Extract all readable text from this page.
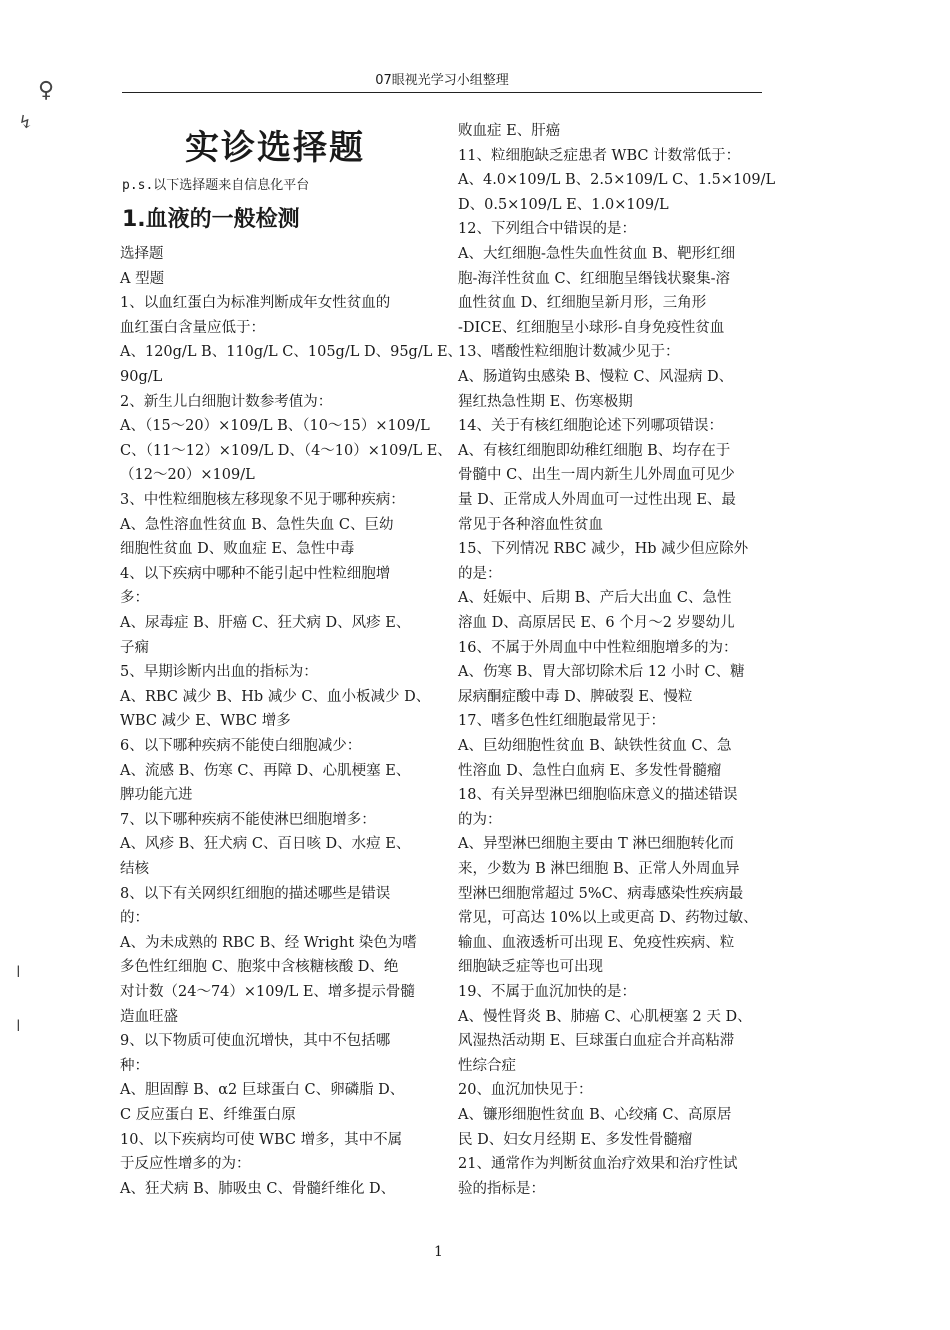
07眼视光学习小组整理
♀
↯
ǀ
ǀ
实诊选择题
p.s.以下选择题来自信息化平台
1.血液的一般检测
选择题
A 型题
1、以血红蛋白为标准判断成年女性贫血的
血红蛋白含量应低于：
A、120g/L B、110g/L C、105g/L D、95g/L E、
90g/L
2、新生儿白细胞计数参考值为：
A、（15～20）×109/L B、（10～15）×109/L
C、（11～12）×109/L D、（4～10）×109/L E、
（12～20）×109/L
3、中性粒细胞核左移现象不见于哪种疾病：
A、急性溶血性贫血 B、急性失血 C、巨幼
细胞性贫血 D、败血症 E、急性中毒
4、以下疾病中哪种不能引起中性粒细胞增
多：
A、尿毒症 B、肝癌 C、狂犬病 D、风疹 E、
子痫
5、早期诊断内出血的指标为：
A、RBC 减少 B、Hb 减少 C、血小板减少 D、
WBC 减少 E、WBC 增多
6、以下哪种疾病不能使白细胞减少：
A、流感 B、伤寒 C、再障 D、心肌梗塞 E、
脾功能亢进
7、以下哪种疾病不能使淋巴细胞增多：
A、风疹 B、狂犬病 C、百日咳 D、水痘 E、
结核
8、以下有关网织红细胞的描述哪些是错误
的：
A、为未成熟的 RBC B、经 Wright 染色为嗜
多色性红细胞 C、胞浆中含核糖核酸 D、绝
对计数（24～74）×109/L E、增多提示骨髓
造血旺盛
9、以下物质可使血沉增快，其中不包括哪
种：
A、胆固醇 B、α2 巨球蛋白 C、卵磷脂 D、
C 反应蛋白 E、纤维蛋白原
10、以下疾病均可使 WBC 增多，其中不属
于反应性增多的为：
A、狂犬病 B、肺吸虫 C、骨髓纤维化 D、
败血症 E、肝癌
11、粒细胞缺乏症患者 WBC 计数常低于：
A、4.0×109/L B、2.5×109/L C、1.5×109/L
D、0.5×109/L E、1.0×109/L
12、下列组合中错误的是：
A、大红细胞-急性失血性贫血 B、靶形红细
胞-海洋性贫血 C、红细胞呈缗钱状聚集-溶
血性贫血 D、红细胞呈新月形，三角形
-DICE、红细胞呈小球形-自身免疫性贫血
13、嗜酸性粒细胞计数减少见于：
A、肠道钩虫感染 B、慢粒 C、风湿病 D、
猩红热急性期 E、伤寒极期
14、关于有核红细胞论述下列哪项错误：
A、有核红细胞即幼稚红细胞 B、均存在于
骨髓中 C、出生一周内新生儿外周血可见少
量 D、正常成人外周血可一过性出现 E、最
常见于各种溶血性贫血
15、下列情况 RBC 减少，Hb 减少但应除外
的是：
A、妊娠中、后期 B、产后大出血 C、急性
溶血 D、高原居民 E、6 个月～2 岁婴幼儿
16、不属于外周血中中性粒细胞增多的为：
A、伤寒 B、胃大部切除术后 12 小时 C、糖
尿病酮症酸中毒 D、脾破裂 E、慢粒
17、嗜多色性红细胞最常见于：
A、巨幼细胞性贫血 B、缺铁性贫血 C、急
性溶血 D、急性白血病 E、多发性骨髓瘤
18、有关异型淋巴细胞临床意义的描述错误
的为：
A、异型淋巴细胞主要由 T 淋巴细胞转化而
来，少数为 B 淋巴细胞 B、正常人外周血异
型淋巴细胞常超过 5%C、病毒感染性疾病最
常见，可高达 10%以上或更高 D、药物过敏、
输血、血液透析可出现 E、免疫性疾病、粒
细胞缺乏症等也可出现
19、不属于血沉加快的是：
A、慢性肾炎 B、肺癌 C、心肌梗塞 2 天 D、
风湿热活动期 E、巨球蛋白血症合并高粘滞
性综合症
20、血沉加快见于：
A、镰形细胞性贫血 B、心绞痛 C、高原居
民 D、妇女月经期 E、多发性骨髓瘤
21、通常作为判断贫血治疗效果和治疗性试
验的指标是：
1
